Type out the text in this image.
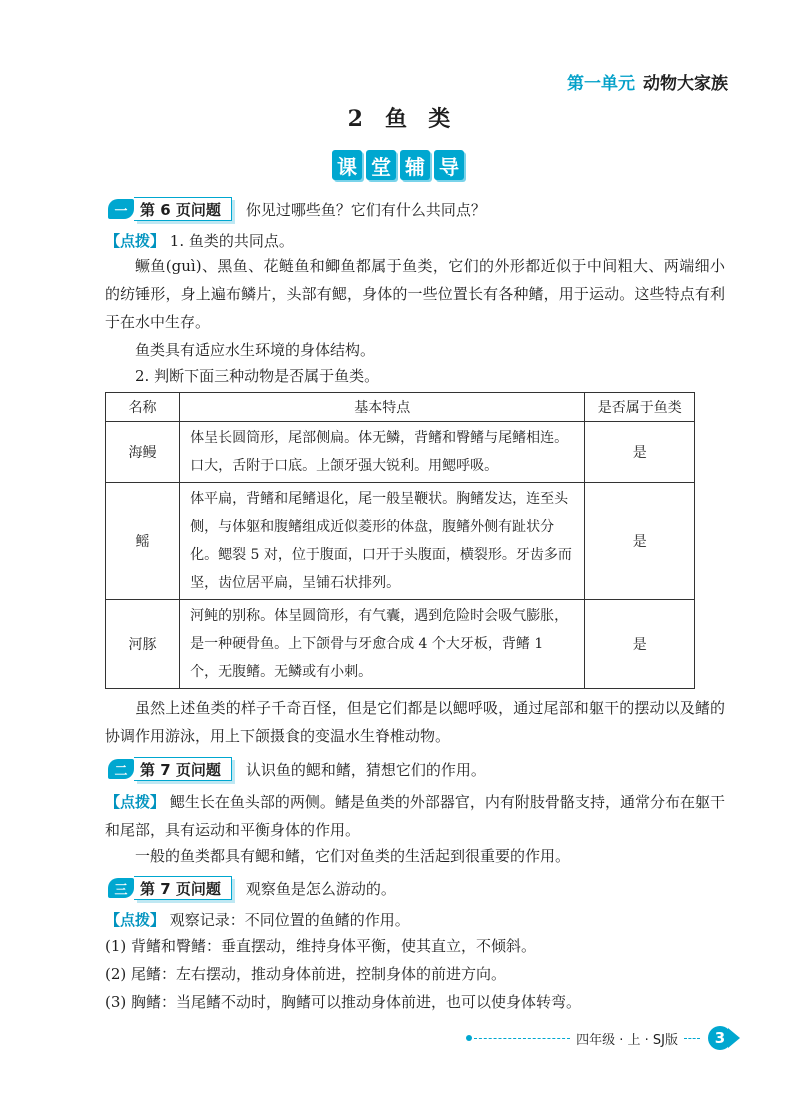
第一单元 动物大家族
2 鱼  类
课 堂 辅 导
一 第 6 页问题	你见过哪些鱼？它们有什么共同点？
【点拨】 1. 鱼类的共同点。
鳜鱼(guì)、黑鱼、花鲢鱼和鲫鱼都属于鱼类，它们的外形都近似于中间粗大、两端细小的纺锤形，身上遍布鳞片，头部有鳃，身体的一些位置长有各种鳍，用于运动。这些特点有利于在水中生存。
鱼类具有适应水生环境的身体结构。
2. 判断下面三种动物是否属于鱼类。
名称	基本特点	是否属于鱼类
海鳗	体呈长圆筒形，尾部侧扁。体无鳞，背鳍和臀鳍与尾鳍相连。口大，舌附于口底。上颌牙强大锐利。用鳃呼吸。	是
鳐	体平扁，背鳍和尾鳍退化，尾一般呈鞭状。胸鳍发达，连至头侧，与体躯和腹鳍组成近似菱形的体盘，腹鳍外侧有趾状分化。鳃裂 5 对，位于腹面，口开于头腹面，横裂形。牙齿多而坚，齿位居平扁，呈铺石状排列。	是
河豚	河鲀的别称。体呈圆筒形，有气囊，遇到危险时会吸气膨胀，是一种硬骨鱼。上下颌骨与牙愈合成 4 个大牙板，背鳍 1 个，无腹鳍。无鳞或有小刺。	是
虽然上述鱼类的样子千奇百怪，但是它们都是以鳃呼吸，通过尾部和躯干的摆动以及鳍的协调作用游泳，用上下颌摄食的变温水生脊椎动物。
二 第 7 页问题	认识鱼的鳃和鳍，猜想它们的作用。
【点拨】 鳃生长在鱼头部的两侧。鳍是鱼类的外部器官，内有附肢骨骼支持，通常分布在躯干和尾部，具有运动和平衡身体的作用。
一般的鱼类都具有鳃和鳍，它们对鱼类的生活起到很重要的作用。
三 第 7 页问题	观察鱼是怎么游动的。
【点拨】 观察记录：不同位置的鱼鳍的作用。
(1) 背鳍和臀鳍：垂直摆动，维持身体平衡，使其直立，不倾斜。
(2) 尾鳍：左右摆动，推动身体前进，控制身体的前进方向。
(3) 胸鳍：当尾鳍不动时，胸鳍可以推动身体前进，也可以使身体转弯。
四年级 · 上 · SJ版	3
